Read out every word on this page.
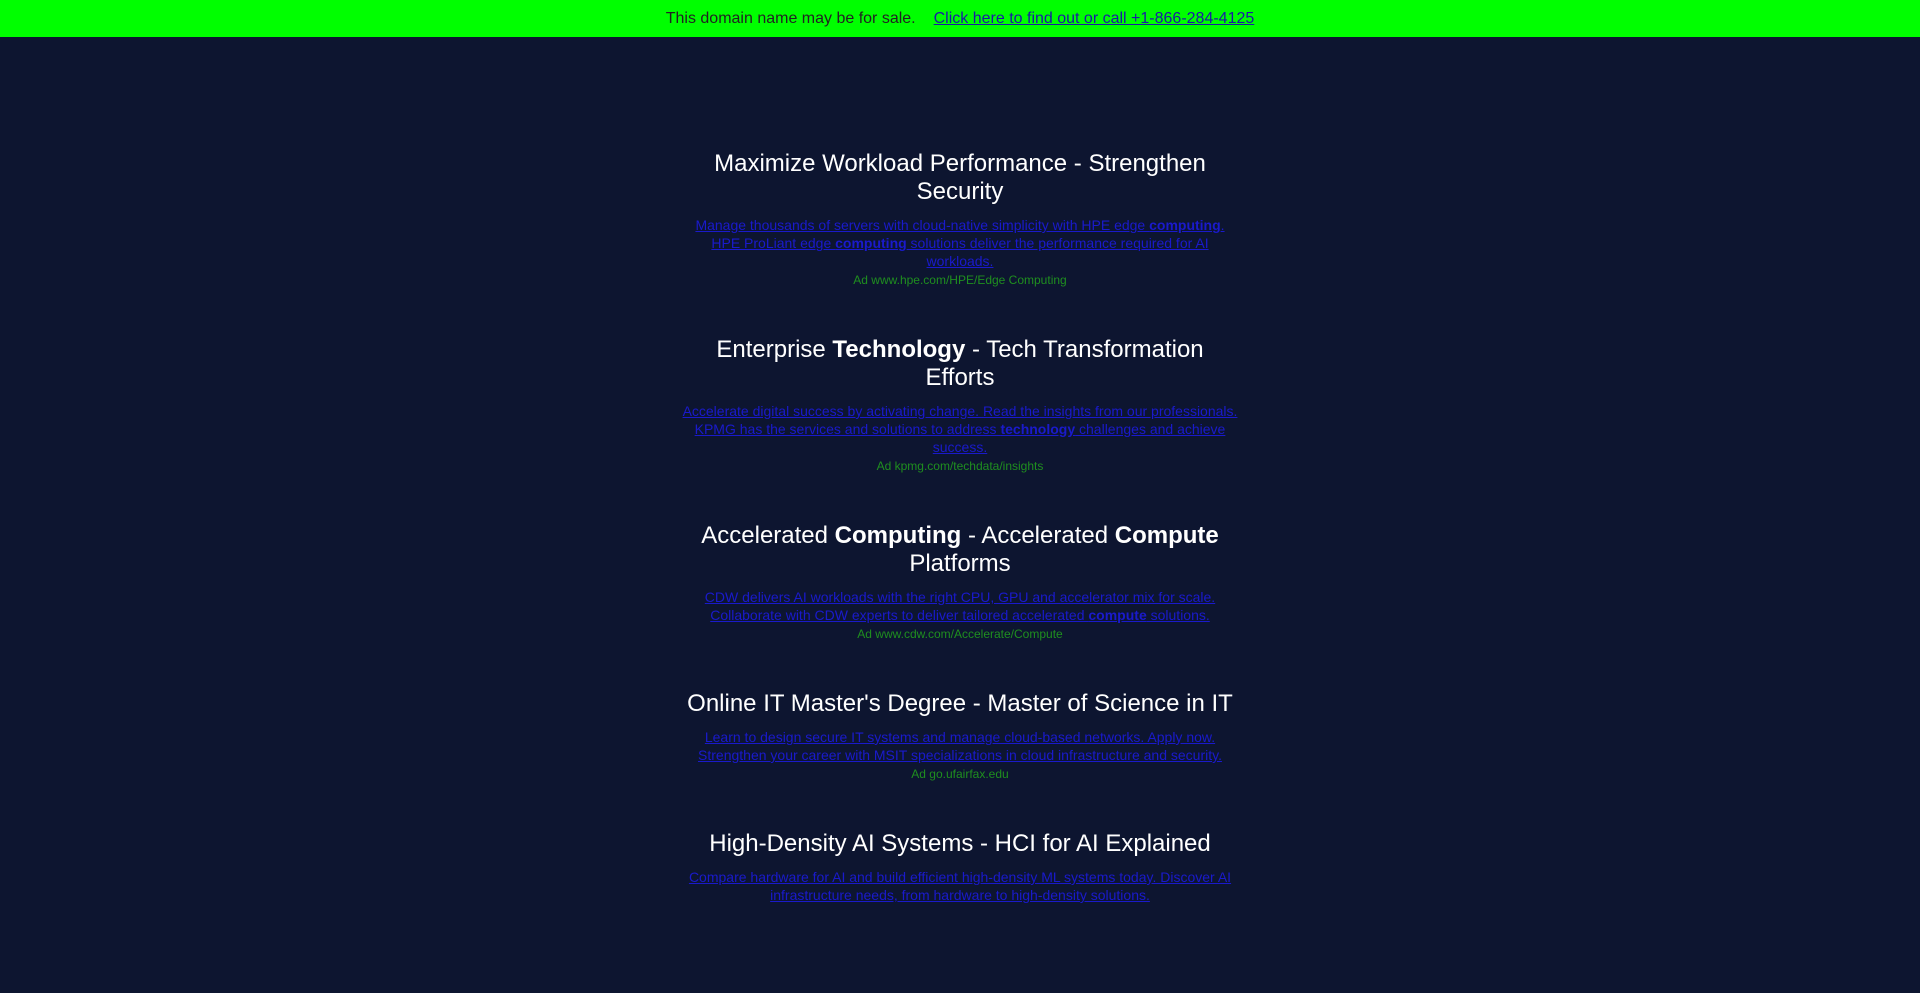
This domain name may be for sale. Click here to find out or call +1-866-284-4125
Maximize Workload Performance - Strengthen Security
Manage thousands of servers with cloud-native simplicity with HPE edge computing. HPE ProLiant edge computing solutions deliver the performance required for AI workloads.
Ad www.hpe.com/HPE/Edge Computing
Enterprise Technology - Tech Transformation Efforts
Accelerate digital success by activating change. Read the insights from our professionals. KPMG has the services and solutions to address technology challenges and achieve success.
Ad kpmg.com/techdata/insights
Accelerated Computing - Accelerated Compute Platforms
CDW delivers AI workloads with the right CPU, GPU and accelerator mix for scale. Collaborate with CDW experts to deliver tailored accelerated compute solutions.
Ad www.cdw.com/Accelerate/Compute
Online IT Master's Degree - Master of Science in IT
Learn to design secure IT systems and manage cloud-based networks. Apply now. Strengthen your career with MSIT specializations in cloud infrastructure and security.
Ad go.ufairfax.edu
High-Density AI Systems - HCI for AI Explained
Compare hardware for AI and build efficient high-density ML systems today. Discover AI infrastructure needs, from hardware to high-density solutions.
